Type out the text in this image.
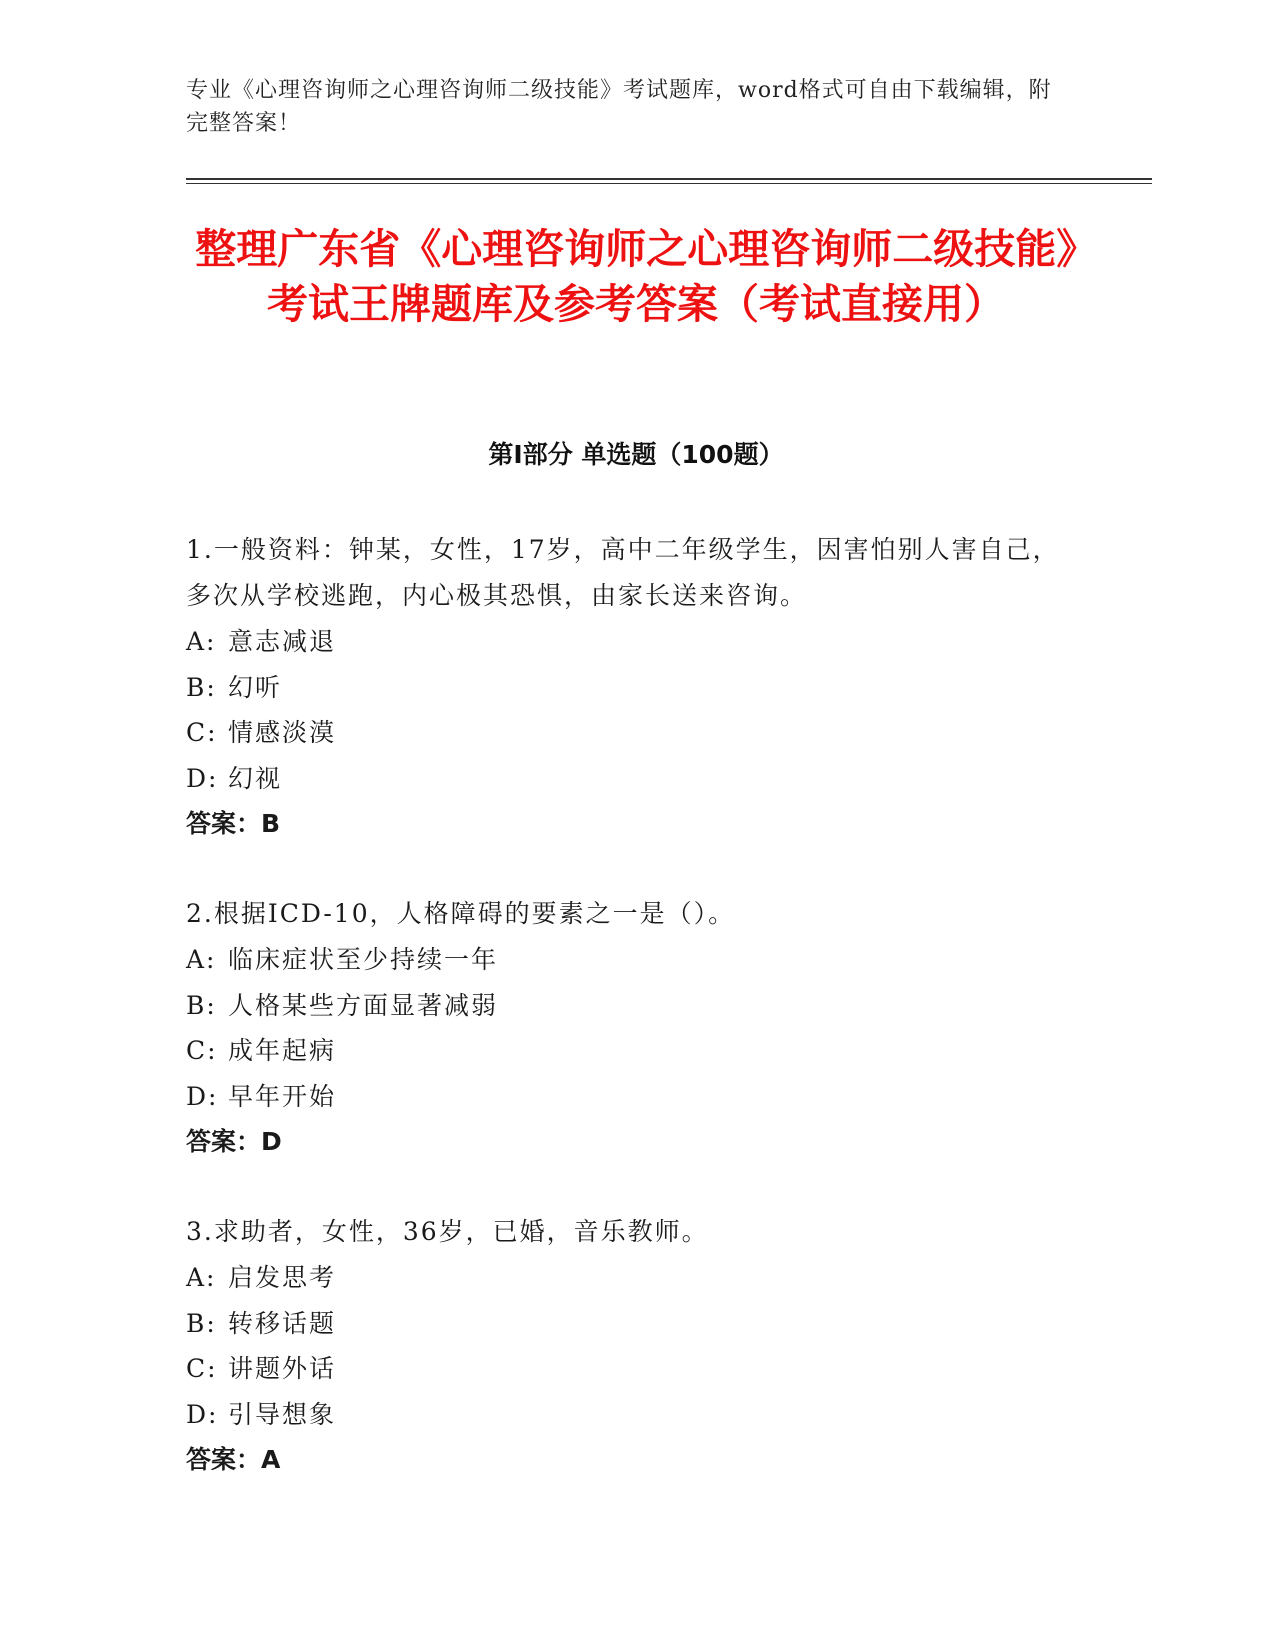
专业《心理咨询师之心理咨询师二级技能》考试题库，word格式可自由下载编辑，附完整答案！
整理广东省《心理咨询师之心理咨询师二级技能》考试王牌题库及参考答案（考试直接用）
第Ⅰ部分 单选题（100题）

1.一般资料：钟某，女性，17岁，高中二年级学生，因害怕别人害自己，多次从学校逃跑，内心极其恐惧，由家长送来咨询。

A: 意志减退

B: 幻听

C: 情感淡漠

D: 幻视

答案：B

2.根据ICD-10，人格障碍的要素之一是（）。

A: 临床症状至少持续一年

B: 人格某些方面显著减弱

C: 成年起病

D: 早年开始

答案：D

3.求助者，女性，36岁，已婚，音乐教师。

A: 启发思考

B: 转移话题

C: 讲题外话

D: 引导想象

答案：A
